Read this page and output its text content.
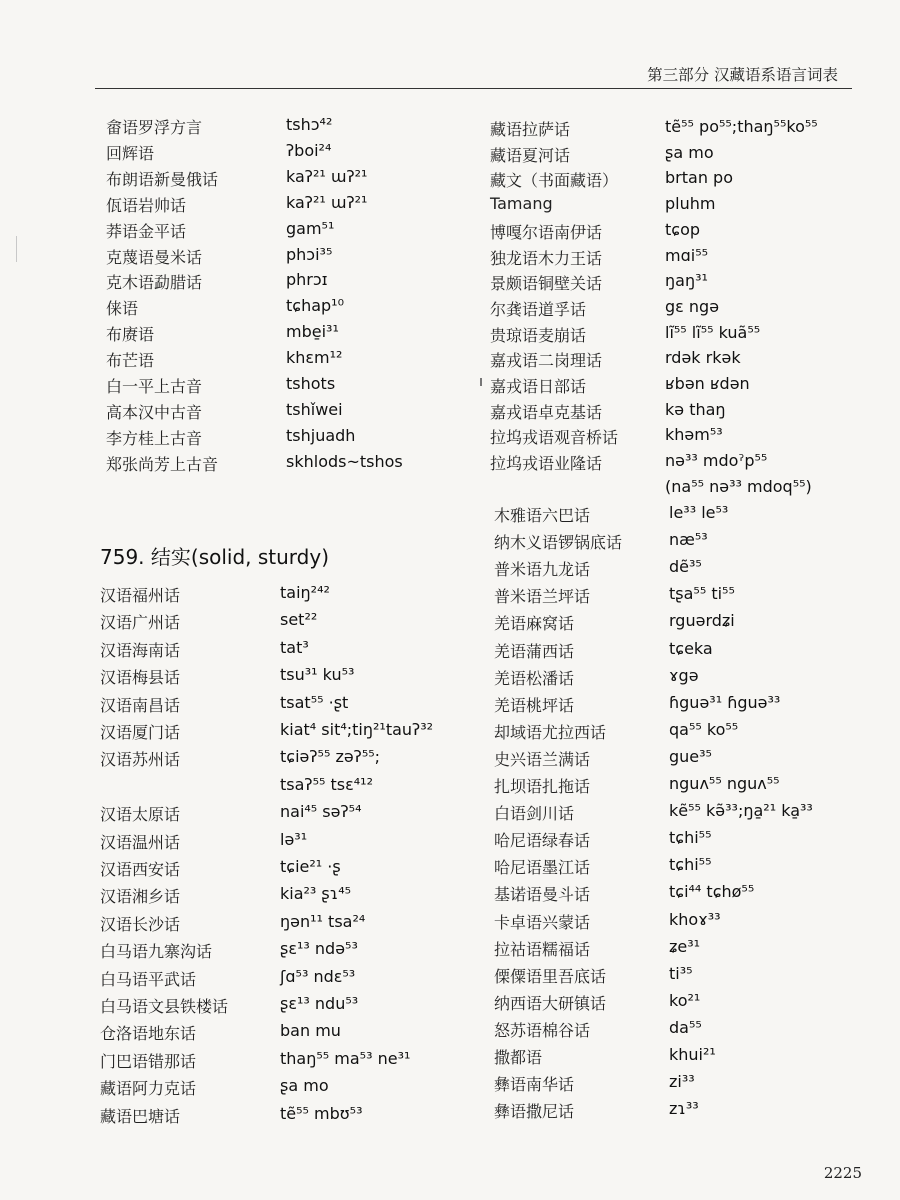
第三部分 汉藏语系语言词表
畲语罗浮方言	tshɔ⁴²
回辉语	ʔboi²⁴
布朗语新曼俄话	kaʔ²¹ ɯʔ²¹
佤语岩帅话	kaʔ²¹ ɯʔ²¹
莽语金平话	gam⁵¹
克蔑语曼米话	phɔi³⁵
克木语勐腊话	phrɔɪ
俫语	tɕhap¹⁰
布赓语	mbe̱i³¹
布芒语	khɛm¹²
白一平上古音	tshots
高本汉中古音	tshǐwei
李方桂上古音	tshjuadh
郑张尚芳上古音	skhlods~tshos
759. 结实(solid, sturdy)
汉语福州话	taiŋ²⁴²
汉语广州话	set²²
汉语海南话	tat³
汉语梅县话	tsu³¹ ku⁵³
汉语南昌话	tsat⁵⁵ ·ʂt
汉语厦门话	kiat⁴ sit⁴;tiŋ²¹tauʔ³²
汉语苏州话	tɕiəʔ⁵⁵ zəʔ⁵⁵;
tsaʔ⁵⁵ tsɛ⁴¹²
汉语太原话	nai⁴⁵ səʔ⁵⁴
汉语温州话	lə³¹
汉语西安话	tɕie²¹ ·ʂ
汉语湘乡话	kia²³ ʂɿ⁴⁵
汉语长沙话	ŋən¹¹ tsa²⁴
白马语九寨沟话	ʂɛ¹³ ndə⁵³
白马语平武话	ʃɑ⁵³ ndɛ⁵³
白马语文县铁楼话	ʂɛ¹³ ndu⁵³
仓洛语地东话	ban mu
门巴语错那话	thaŋ⁵⁵ ma⁵³ ne³¹
藏语阿力克话	ʂa mo
藏语巴塘话	tẽ⁵⁵ mbʊ⁵³
藏语拉萨话	tẽ⁵⁵ po⁵⁵;thaŋ⁵⁵ko⁵⁵
藏语夏河话	ʂa mo
藏文（书面藏语）	brtan po
Tamang	pluhm
博嘎尔语南伊话	tɕop
独龙语木力王话	mɑi⁵⁵
景颇语铜壁关话	ŋaŋ³¹
尔龚语道孚话	gɛ ngə
贵琼语麦崩话	lĩ⁵⁵ lĩ⁵⁵ kuã⁵⁵
嘉戎语二岗理话	rdək rkək
嘉戎语日部话	ʁbən ʁdən
嘉戎语卓克基话	kə thaŋ
拉坞戎语观音桥话	khəm⁵³
拉坞戎语业隆话	nə³³ mdoˀp⁵⁵
(na⁵⁵ nə³³ mdoq⁵⁵)
木雅语六巴话	le³³ le⁵³
纳木义语锣锅底话	næ⁵³
普米语九龙话	dẽ³⁵
普米语兰坪话	tʂa⁵⁵ ti⁵⁵
羌语麻窝话	rguərdʑi
羌语蒲西话	tɕeka
羌语松潘话	ɤgə
羌语桃坪话	ɦguə³¹ ɦguə³³
却域语尤拉西话	qa⁵⁵ ko⁵⁵
史兴语兰满话	gue³⁵
扎坝语扎拖话	nguʌ⁵⁵ nguʌ⁵⁵
白语剑川话	kẽ⁵⁵ kə̃³³;ŋa̱²¹ ka̱³³
哈尼语绿春话	tɕhi⁵⁵
哈尼语墨江话	tɕhi⁵⁵
基诺语曼斗话	tɕi⁴⁴ tɕhø⁵⁵
卡卓语兴蒙话	khoɤ³³
拉祜语糯福话	ʑe³¹
傈僳语里吾底话	ti³⁵
纳西语大研镇话	ko²¹
怒苏语棉谷话	da⁵⁵
撒都语	khui²¹
彝语南华话	zi³³
彝语撒尼话	zɿ³³
2225
